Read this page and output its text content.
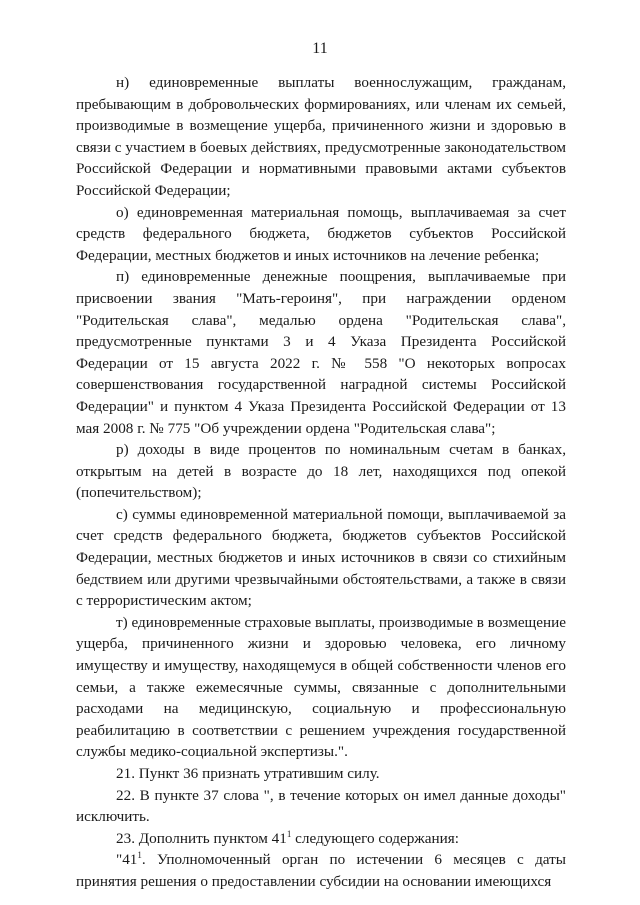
11

н) единовременные выплаты военнослужащим, гражданам, пребывающим в добровольческих формированиях, или членам их семьей, производимые в возмещение ущерба, причиненного жизни и здоровью в связи с участием в боевых действиях, предусмотренные законодательством Российской Федерации и нормативными правовыми актами субъектов Российской Федерации;

о) единовременная материальная помощь, выплачиваемая за счет средств федерального бюджета, бюджетов субъектов Российской Федерации, местных бюджетов и иных источников на лечение ребенка;

п) единовременные денежные поощрения, выплачиваемые при присвоении звания "Мать-героиня", при награждении орденом "Родительская слава", медалью ордена "Родительская слава", предусмотренные пунктами 3 и 4 Указа Президента Российской Федерации от 15 августа 2022 г. № 558 "О некоторых вопросах совершенствования государственной наградной системы Российской Федерации" и пунктом 4 Указа Президента Российской Федерации от 13 мая 2008 г. № 775 "Об учреждении ордена "Родительская слава";

р) доходы в виде процентов по номинальным счетам в банках, открытым на детей в возрасте до 18 лет, находящихся под опекой (попечительством);

с) суммы единовременной материальной помощи, выплачиваемой за счет средств федерального бюджета, бюджетов субъектов Российской Федерации, местных бюджетов и иных источников в связи со стихийным бедствием или другими чрезвычайными обстоятельствами, а также в связи с террористическим актом;

т) единовременные страховые выплаты, производимые в возмещение ущерба, причиненного жизни и здоровью человека, его личному имуществу и имуществу, находящемуся в общей собственности членов его семьи, а также ежемесячные суммы, связанные с дополнительными расходами на медицинскую, социальную и профессиональную реабилитацию в соответствии с решением учреждения государственной службы медико-социальной экспертизы.".

21. Пункт 36 признать утратившим силу.

22. В пункте 37 слова ", в течение которых он имел данные доходы" исключить.

23. Дополнить пунктом $41^1$ следующего содержания:

"$41^1$. Уполномоченный орган по истечении 6 месяцев с даты принятия решения о предоставлении субсидии на основании имеющихся
